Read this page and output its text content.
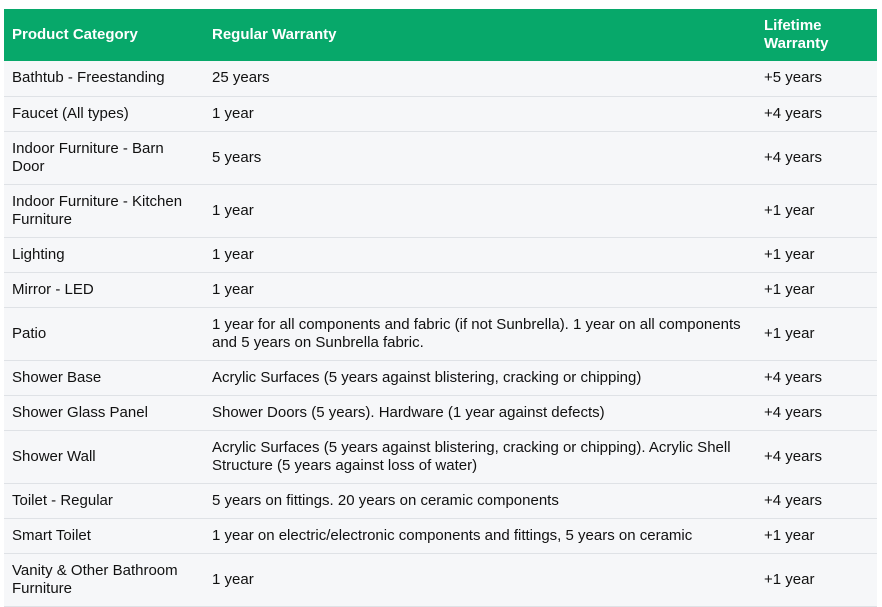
Product Category	Regular Warranty	Lifetime Warranty
Bathtub - Freestanding	25 years	+5 years
Faucet (All types)	1 year	+4 years
Indoor Furniture - Barn Door	5 years	+4 years
Indoor Furniture - Kitchen Furniture	1 year	+1 year
Lighting	1 year	+1 year
Mirror - LED	1 year	+1 year
Patio	1 year for all components and fabric (if not Sunbrella). 1 year on all components and 5 years on Sunbrella fabric.	+1 year
Shower Base	Acrylic Surfaces (5 years against blistering, cracking or chipping)	+4 years
Shower Glass Panel	Shower Doors (5 years). Hardware (1 year against defects)	+4 years
Shower Wall	Acrylic Surfaces (5 years against blistering, cracking or chipping). Acrylic Shell Structure (5 years against loss of water)	+4 years
Toilet - Regular	5 years on fittings. 20 years on ceramic components	+4 years
Smart Toilet	1 year on electric/electronic components and fittings, 5 years on ceramic	+1 year
Vanity & Other Bathroom Furniture	1 year	+1 year
